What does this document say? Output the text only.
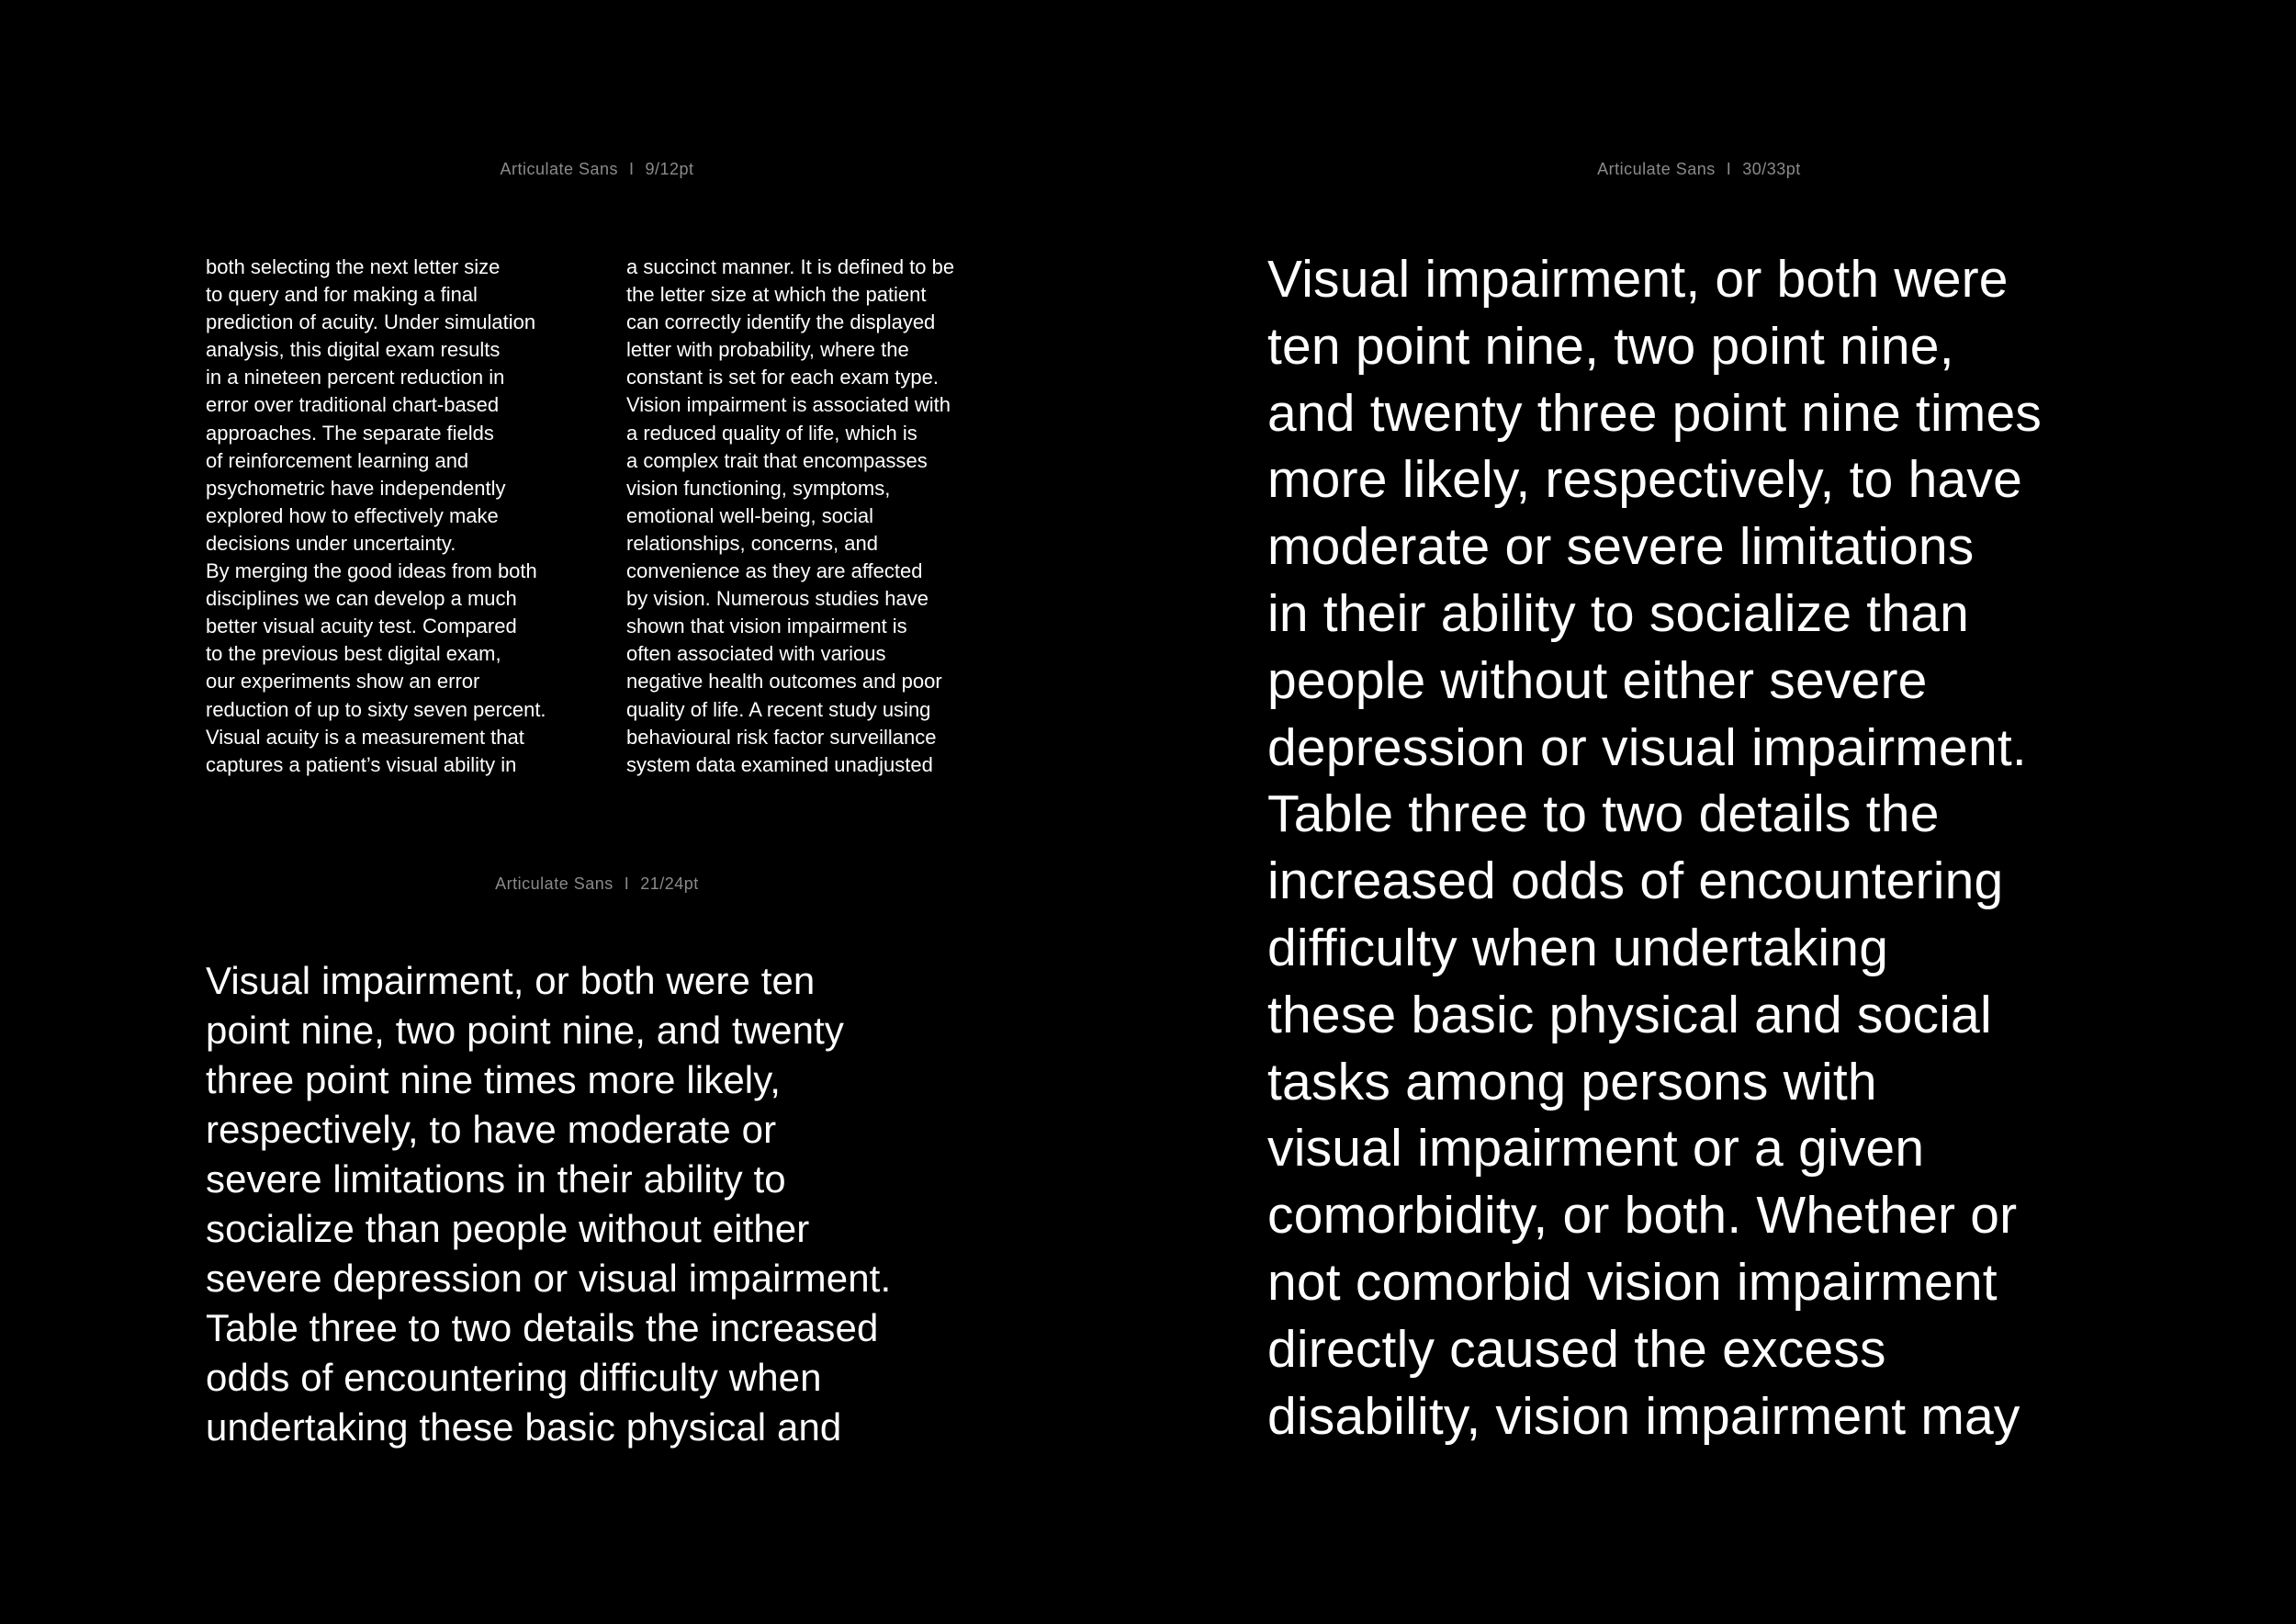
Articulate Sans I 9/12pt
both selecting the next letter size
to query and for making a final
prediction of acuity. Under simulation
analysis, this digital exam results
in a nineteen percent reduction in
error over traditional chart-based
approaches. The separate fields
of reinforcement learning and
psychometric have independently
explored how to effectively make
decisions under uncertainty.
By merging the good ideas from both
disciplines we can develop a much
better visual acuity test. Compared
to the previous best digital exam,
our experiments show an error
reduction of up to sixty seven percent.
Visual acuity is a measurement that
captures a patient’s visual ability in
a succinct manner. It is defined to be
the letter size at which the patient
can correctly identify the displayed
letter with probability, where the
constant is set for each exam type.
Vision impairment is associated with
a reduced quality of life, which is
a complex trait that encompasses
vision functioning, symptoms,
emotional well-being, social
relationships, concerns, and
convenience as they are affected
by vision. Numerous studies have
shown that vision impairment is
often associated with various
negative health outcomes and poor
quality of life. A recent study using
behavioural risk factor surveillance
system data examined unadjusted
Articulate Sans I 21/24pt
Visual impairment, or both were ten
point nine, two point nine, and twenty
three point nine times more likely,
respectively, to have moderate or
severe limitations in their ability to
socialize than people without either
severe depression or visual impairment.
Table three to two details the increased
odds of encountering difficulty when
undertaking these basic physical and
Articulate Sans I 30/33pt
Visual impairment, or both were
ten point nine, two point nine,
and twenty three point nine times
more likely, respectively, to have
moderate or severe limitations
in their ability to socialize than
people without either severe
depression or visual impairment.
Table three to two details the
increased odds of encountering
difficulty when undertaking
these basic physical and social
tasks among persons with
visual impairment or a given
comorbidity, or both. Whether or
not comorbid vision impairment
directly caused the excess
disability, vision impairment may
